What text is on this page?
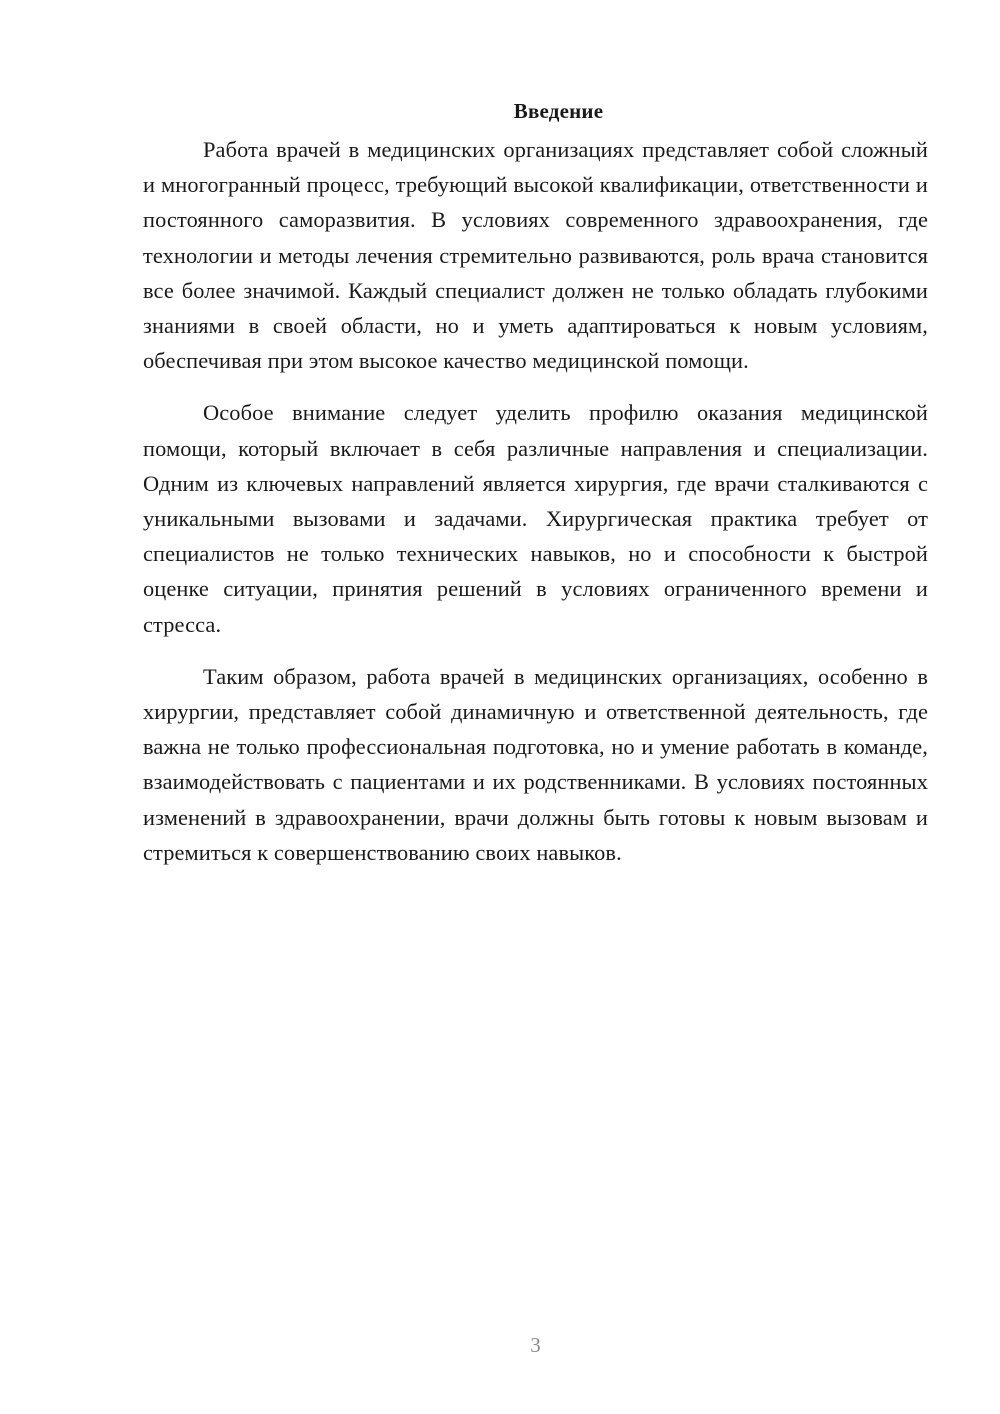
Введение

Работа врачей в медицинских организациях представляет собой сложный и многогранный процесс, требующий высокой квалификации, ответственности и постоянного саморазвития. В условиях современного здравоохранения, где технологии и методы лечения стремительно развиваются, роль врача становится все более значимой. Каждый специалист должен не только обладать глубокими знаниями в своей области, но и уметь адаптироваться к новым условиям, обеспечивая при этом высокое качество медицинской помощи.

Особое внимание следует уделить профилю оказания медицинской помощи, который включает в себя различные направления и специализации. Одним из ключевых направлений является хирургия, где врачи сталкиваются с уникальными вызовами и задачами. Хирургическая практика требует от специалистов не только технических навыков, но и способности к быстрой оценке ситуации, принятия решений в условиях ограниченного времени и стресса.

Таким образом, работа врачей в медицинских организациях, особенно в хирургии, представляет собой динамичную и ответственной деятельность, где важна не только профессиональная подготовка, но и умение работать в команде, взаимодействовать с пациентами и их родственниками. В условиях постоянных изменений в здравоохранении, врачи должны быть готовы к новым вызовам и стремиться к совершенствованию своих навыков.

3
